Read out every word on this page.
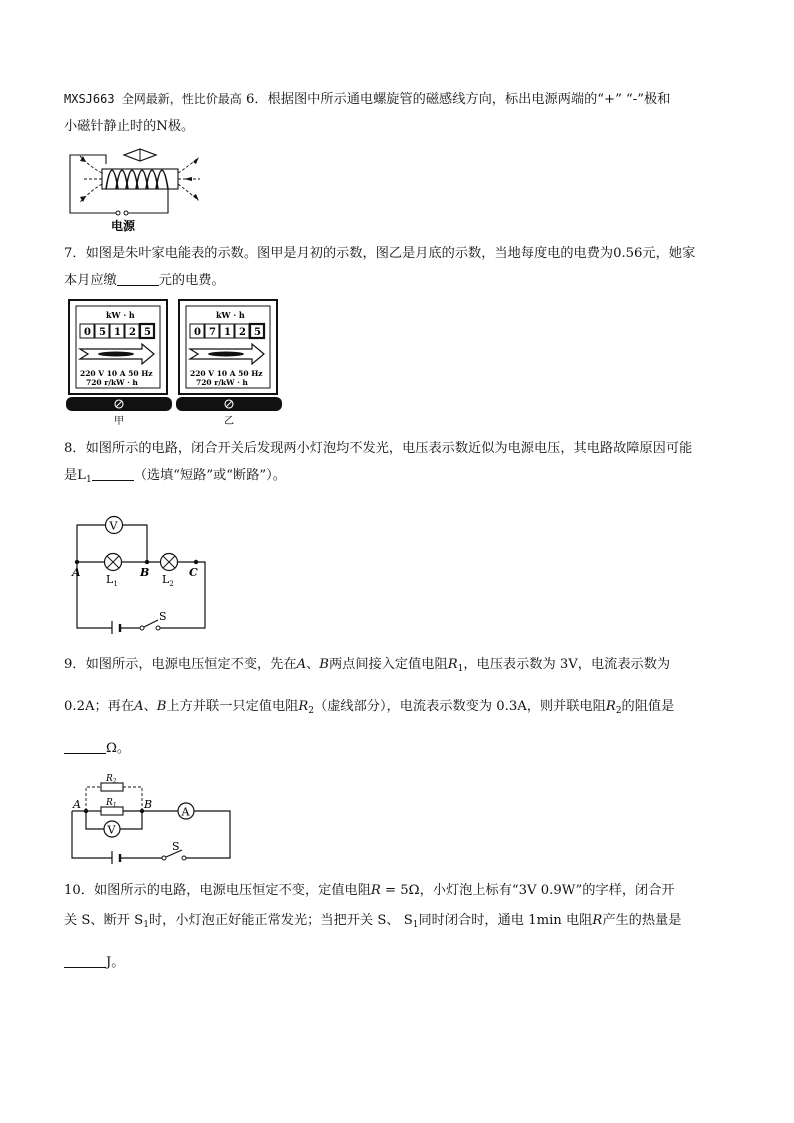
MXSJ663 全网最新，性比价最高 6．根据图中所示通电螺旋管的磁感线方向，标出电源两端的“+” “-”极和
小磁针静止时的N极。
电源
7．如图是朱叶家电能表的示数。图甲是月初的示数，图乙是月底的示数，当地每度电的电费为0.56元，她家
本月应缴	元的电费。
kW · h
0 5 1 2 5
220 V 10 A 50 Hz
720 r/kW · h
甲
kW · h
0 7 1 2 5
220 V 10 A 50 Hz
720 r/kW · h
乙
8．如图所示的电路，闭合开关后发现两小灯泡均不发光，电压表示数近似为电源电压，其电路故障原因可能
是$L_1$	（选填“短路”或“断路”）。
V
A	B	C
$L_1$	$L_2$
S
9．如图所示，电源电压恒定不变，先在A、B两点间接入定值电阻$R_1$，电压表示数为 3V，电流表示数为
0.2A；再在A、B上方并联一只定值电阻$R_2$（虚线部分），电流表示数变为 0.3A，则并联电阻$R_2$的阻值是
Ω。
V
A
$R_2$
$R_1$
A	B
S
10．如图所示的电路，电源电压恒定不变，定值电阻R = 5Ω，小灯泡上标有“3V 0.9W”的字样，闭合开
关 S、断开 $S_1$时，小灯泡正好能正常发光；当把开关 S、 $S_1$同时闭合时，通电 1min 电阻R产生的热量是
J。
